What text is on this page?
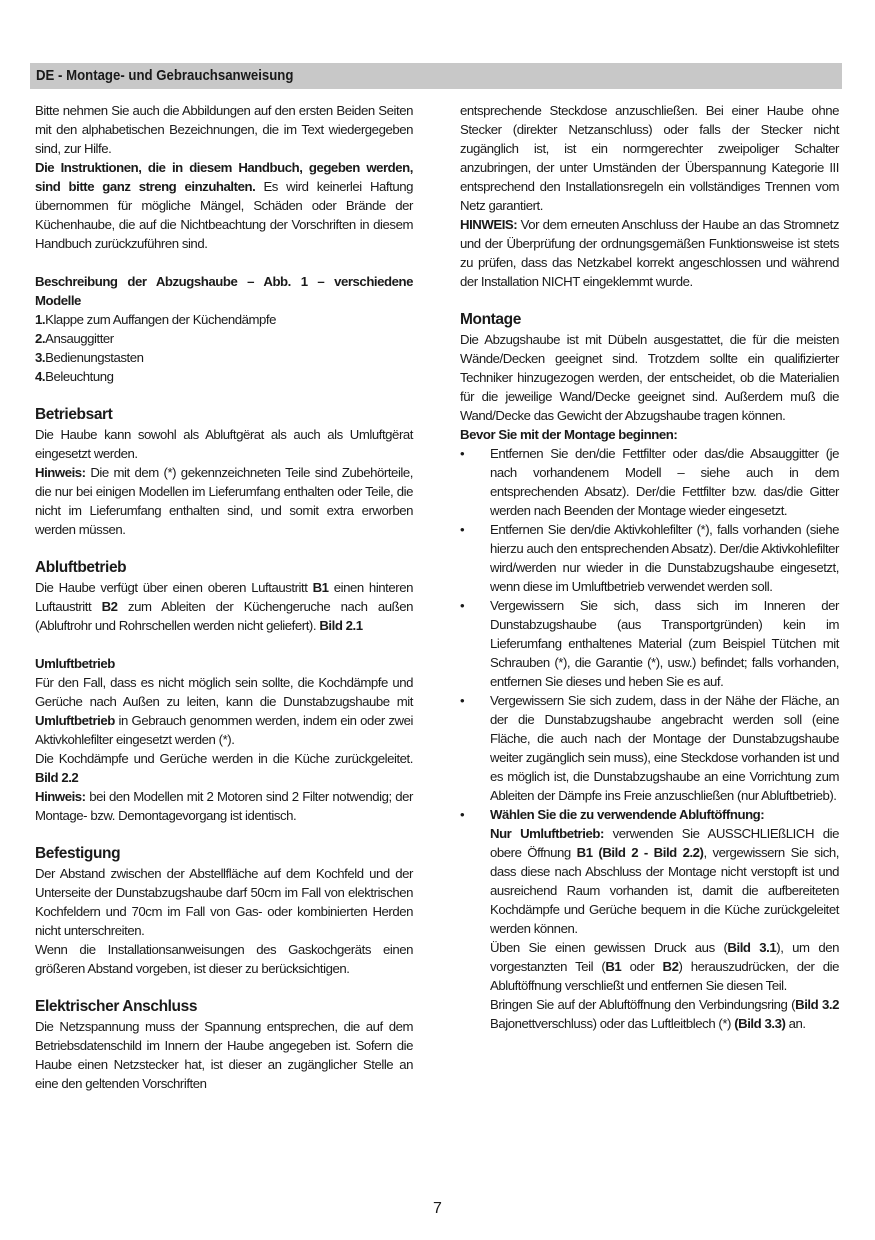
DE - Montage- und Gebrauchsanweisung

Bitte nehmen Sie auch die Abbildungen auf den ersten Beiden Seiten mit den alphabetischen Bezeichnungen, die im Text wiedergegeben sind, zur Hilfe.

Die Instruktionen, die in diesem Handbuch, gegeben werden, sind bitte ganz streng einzuhalten. Es wird keinerlei Haftung übernommen für mögliche Mängel, Schäden oder Brände der Küchenhaube, die auf die Nichtbeachtung der Vorschriften in diesem Handbuch zurückzuführen sind.

Beschreibung der Abzugshaube – Abb. 1 – verschiedene Modelle

1.Klappe zum Auffangen der Küchendämpfe

2.Ansauggitter

3.Bedienungstasten

4.Beleuchtung

Betriebsart

Die Haube kann sowohl als Abluftgërat als auch als Umluftgërat eingesetzt werden.

Hinweis: Die mit dem (*) gekennzeichneten Teile sind Zubehörteile, die nur bei einigen Modellen im Lieferumfang enthalten oder Teile, die nicht im Lieferumfang enthalten sind, und somit extra erworben werden müssen.

Abluftbetrieb

Die Haube verfügt über einen oberen Luftaustritt B1 einen hinteren Luftaustritt B2 zum Ableiten der Küchengeruche nach außen (Abluftrohr und Rohrschellen werden nicht geliefert). Bild 2.1

Umluftbetrieb

Für den Fall, dass es nicht möglich sein sollte, die Kochdämpfe und Gerüche nach Außen zu leiten, kann die Dunstabzugshaube mit Umluftbetrieb in Gebrauch genommen werden, indem ein oder zwei Aktivkohlefilter eingesetzt werden (*).

Die Kochdämpfe und Gerüche werden in die Küche zurückgeleitet. Bild 2.2

Hinweis: bei den Modellen mit 2 Motoren sind 2 Filter notwendig; der Montage- bzw. Demontagevorgang ist identisch.

Befestigung

Der Abstand zwischen der Abstellfläche auf dem Kochfeld und der Unterseite der Dunstabzugshaube darf 50cm im Fall von elektrischen Kochfeldern und 70cm im Fall von Gas- oder kombinierten Herden nicht unterschreiten.

Wenn die Installationsanweisungen des Gaskochgeräts einen größeren Abstand vorgeben, ist dieser zu berücksichtigen.

Elektrischer Anschluss

Die Netzspannung muss der Spannung entsprechen, die auf dem Betriebsdatenschild im Innern der Haube angegeben ist. Sofern die Haube einen Netzstecker hat, ist dieser an zugänglicher Stelle an eine den geltenden Vorschriften

entsprechende Steckdose anzuschließen. Bei einer Haube ohne Stecker (direkter Netzanschluss) oder falls der Stecker nicht zugänglich ist, ist ein normgerechter zweipoliger Schalter anzubringen, der unter Umständen der Überspannung Kategorie III entsprechend den Installationsregeln ein vollständiges Trennen vom Netz garantiert.

HINWEIS: Vor dem erneuten Anschluss der Haube an das Stromnetz und der Überprüfung der ordnungsgemäßen Funktionsweise ist stets zu prüfen, dass das Netzkabel korrekt angeschlossen und während der Installation NICHT eingeklemmt wurde.

Montage

Die Abzugshaube ist mit Dübeln ausgestattet, die für die meisten Wände/Decken geeignet sind. Trotzdem sollte ein qualifizierter Techniker hinzugezogen werden, der entscheidet, ob die Materialien für die jeweilige Wand/Decke geeignet sind. Außerdem muß die Wand/Decke das Gewicht der Abzugshaube tragen können.

Bevor Sie mit der Montage beginnen:

• Entfernen Sie den/die Fettfilter oder das/die Absauggitter (je nach vorhandenem Modell – siehe auch in dem entsprechenden Absatz). Der/die Fettfilter bzw. das/die Gitter werden nach Beenden der Montage wieder eingesetzt.
• Entfernen Sie den/die Aktivkohlefilter (*), falls vorhanden (siehe hierzu auch den entsprechenden Absatz). Der/die Aktivkohlefilter wird/werden nur wieder in die Dunstabzugshaube eingesetzt, wenn diese im Umluftbetrieb verwendet werden soll.
• Vergewissern Sie sich, dass sich im Inneren der Dunstabzugshaube (aus Transportgründen) kein im Lieferumfang enthaltenes Material (zum Beispiel Tütchen mit Schrauben (*), die Garantie (*), usw.) befindet; falls vorhanden, entfernen Sie dieses und heben Sie es auf.
• Vergewissern Sie sich zudem, dass in der Nähe der Fläche, an der die Dunstabzugshaube angebracht werden soll (eine Fläche, die auch nach der Montage der Dunstabzugshaube weiter zugänglich sein muss), eine Steckdose vorhanden ist und es möglich ist, die Dunstabzugshaube an eine Vorrichtung zum Ableiten der Dämpfe ins Freie anzuschließen (nur Abluftbetrieb).
• Wählen Sie die zu verwendende Abluftöffnung:

Nur Umluftbetrieb: verwenden Sie AUSSCHLIEßLICH die obere Öffnung B1 (Bild 2 - Bild 2.2), vergewissern Sie sich, dass diese nach Abschluss der Montage nicht verstopft ist und ausreichend Raum vorhanden ist, damit die aufbereiteten Kochdämpfe und Gerüche bequem in die Küche zurückgeleitet werden können.

Üben Sie einen gewissen Druck aus (Bild 3.1), um den vorgestanzten Teil (B1 oder B2) herauszudrücken, der die Abluftöffnung verschließt und entfernen Sie diesen Teil.

Bringen Sie auf der Abluftöffnung den Verbindungsring (Bild 3.2 Bajonettverschluss) oder das Luftleitblech (*) (Bild 3.3) an.

7
